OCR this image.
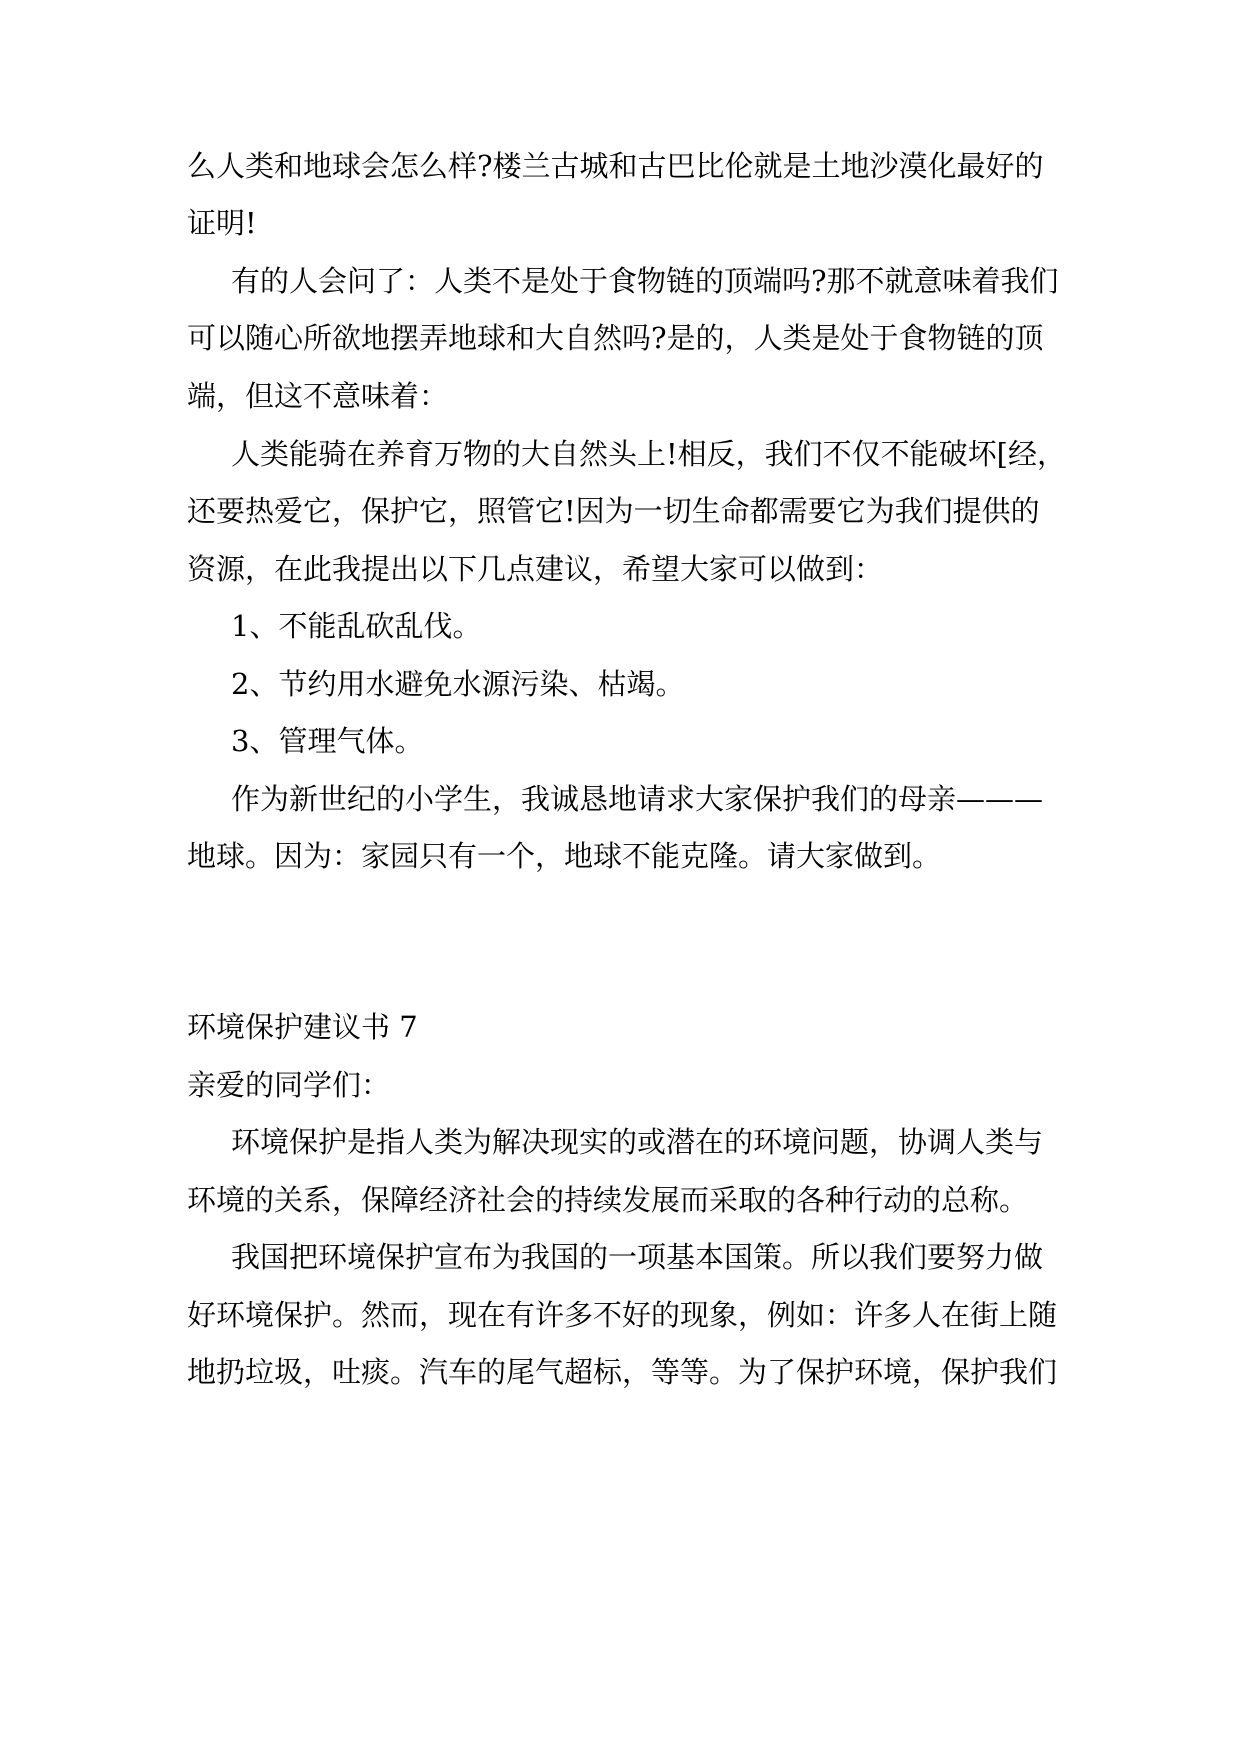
么人类和地球会怎么样?楼兰古城和古巴比伦就是土地沙漠化最好的
证明!
有的人会问了：人类不是处于食物链的顶端吗?那不就意味着我们
可以随心所欲地摆弄地球和大自然吗?是的，人类是处于食物链的顶
端，但这不意味着：
人类能骑在养育万物的大自然头上!相反，我们不仅不能破坏[经，
还要热爱它，保护它，照管它!因为一切生命都需要它为我们提供的
资源，在此我提出以下几点建议，希望大家可以做到：
1、不能乱砍乱伐。
2、节约用水避免水源污染、枯竭。
3、管理气体。
作为新世纪的小学生，我诚恳地请求大家保护我们的母亲———
地球。因为：家园只有一个，地球不能克隆。请大家做到。
环境保护建议书 7
亲爱的同学们：
环境保护是指人类为解决现实的或潜在的环境问题，协调人类与
环境的关系，保障经济社会的持续发展而采取的各种行动的总称。
我国把环境保护宣布为我国的一项基本国策。所以我们要努力做
好环境保护。然而，现在有许多不好的现象，例如：许多人在街上随
地扔垃圾，吐痰。汽车的尾气超标，等等。为了保护环境，保护我们
